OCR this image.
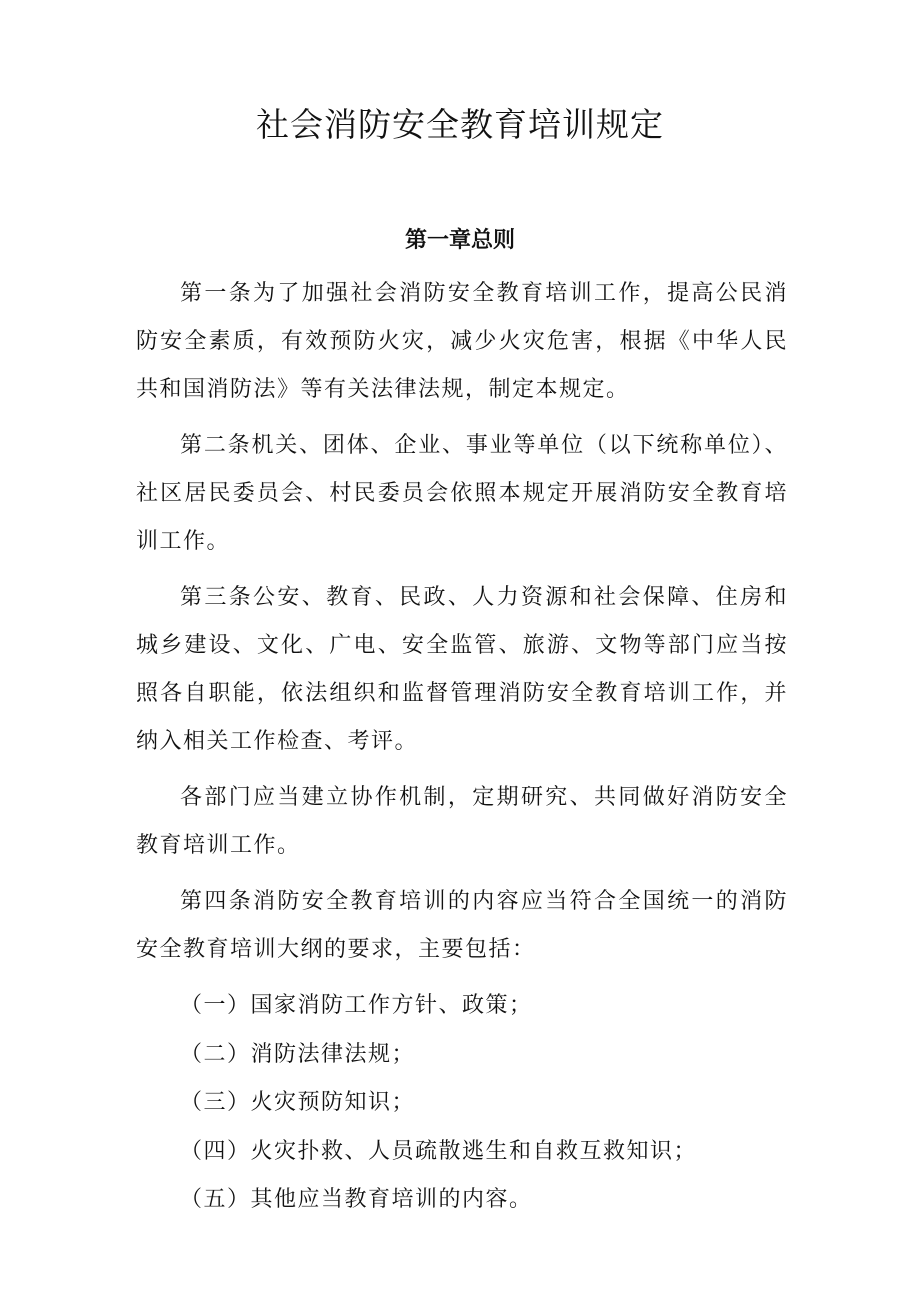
社会消防安全教育培训规定
第一章总则

第一条为了加强社会消防安全教育培训工作，提高公民消防安全素质，有效预防火灾，减少火灾危害，根据《中华人民共和国消防法》等有关法律法规，制定本规定。

第二条机关、团体、企业、事业等单位（以下统称单位）、社区居民委员会、村民委员会依照本规定开展消防安全教育培训工作。

第三条公安、教育、民政、人力资源和社会保障、住房和城乡建设、文化、广电、安全监管、旅游、文物等部门应当按照各自职能，依法组织和监督管理消防安全教育培训工作，并纳入相关工作检查、考评。

各部门应当建立协作机制，定期研究、共同做好消防安全教育培训工作。

第四条消防安全教育培训的内容应当符合全国统一的消防安全教育培训大纲的要求，主要包括：

（一）国家消防工作方针、政策；

（二）消防法律法规；

（三）火灾预防知识；

（四）火灾扑救、人员疏散逃生和自救互救知识；

（五）其他应当教育培训的内容。
